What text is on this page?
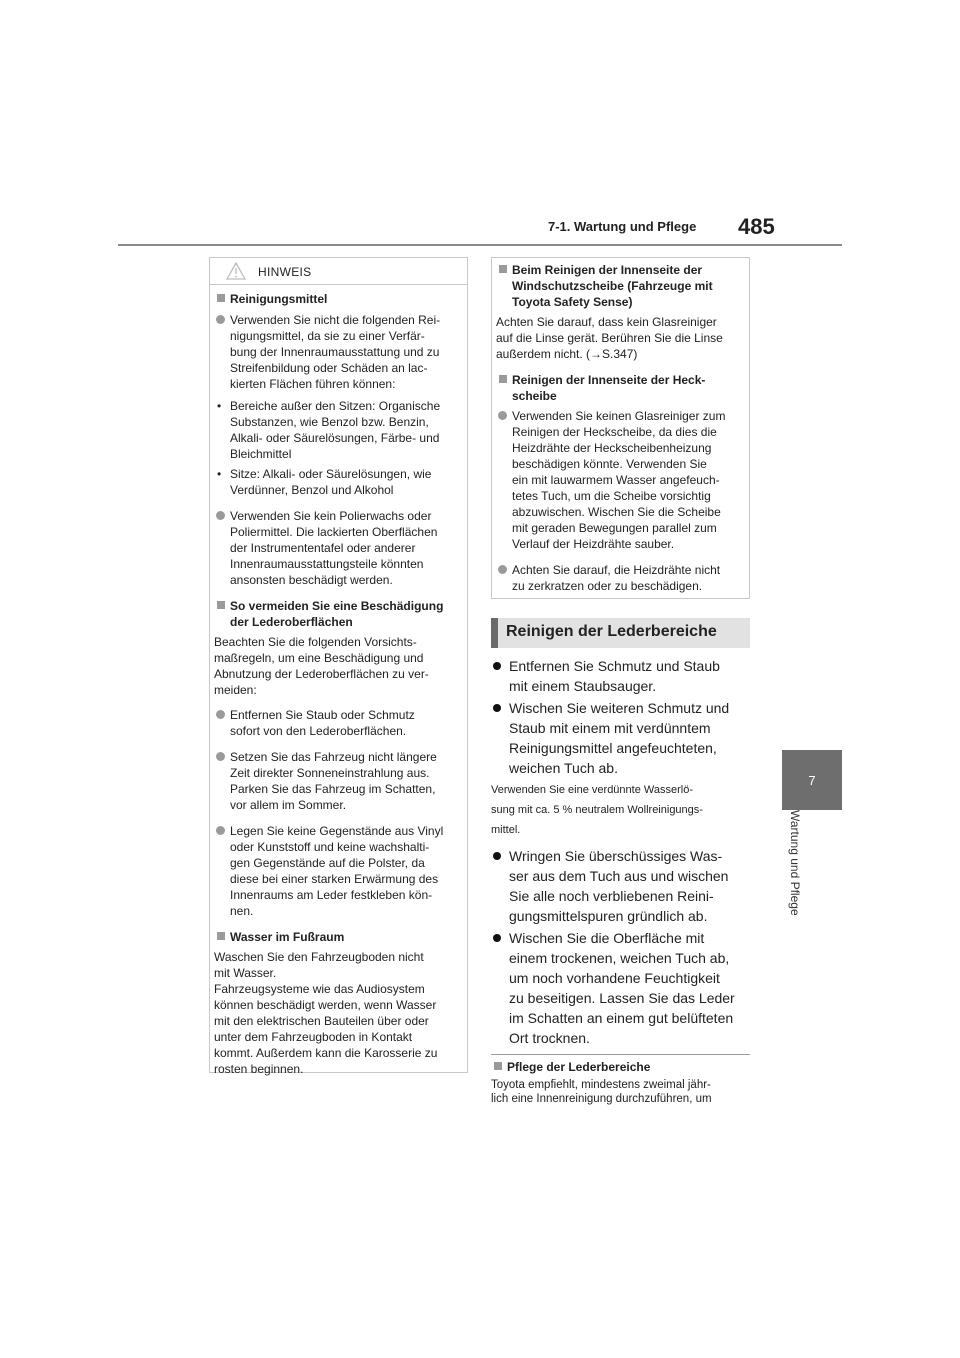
7-1. Wartung und Pflege 485
7
Wartung und Pflege
HINWEIS

Reinigungsmittel

Verwenden Sie nicht die folgenden Rei-
nigungsmittel, da sie zu einer Verfär-
bung der Innenraumausstattung und zu
Streifenbildung oder Schäden an lac-
kierten Flächen führen können:

• Bereiche außer den Sitzen: Organische
Substanzen, wie Benzol bzw. Benzin,
Alkali- oder Säurelösungen, Färbe- und
Bleichmittel

• Sitze: Alkali- oder Säurelösungen, wie
Verdünner, Benzol und Alkohol

Verwenden Sie kein Polierwachs oder
Poliermittel. Die lackierten Oberflächen
der Instrumententafel oder anderer
Innenraumausstattungsteile könnten
ansonsten beschädigt werden.

So vermeiden Sie eine Beschädigung
der Lederoberflächen

Beachten Sie die folgenden Vorsichts-
maßregeln, um eine Beschädigung und
Abnutzung der Lederoberflächen zu ver-
meiden:

Entfernen Sie Staub oder Schmutz
sofort von den Lederoberflächen.

Setzen Sie das Fahrzeug nicht längere
Zeit direkter Sonneneinstrahlung aus.
Parken Sie das Fahrzeug im Schatten,
vor allem im Sommer.

Legen Sie keine Gegenstände aus Vinyl
oder Kunststoff und keine wachshalti-
gen Gegenstände auf die Polster, da
diese bei einer starken Erwärmung des
Innenraums am Leder festkleben kön-
nen.

Wasser im Fußraum

Waschen Sie den Fahrzeugboden nicht
mit Wasser.
Fahrzeugsysteme wie das Audiosystem
können beschädigt werden, wenn Wasser
mit den elektrischen Bauteilen über oder
unter dem Fahrzeugboden in Kontakt
kommt. Außerdem kann die Karosserie zu
rosten beginnen.

Beim Reinigen der Innenseite der
Windschutzscheibe (Fahrzeuge mit
Toyota Safety Sense)

Achten Sie darauf, dass kein Glasreiniger
auf die Linse gerät. Berühren Sie die Linse
außerdem nicht. (→S.347)

Reinigen der Innenseite der Heck-
scheibe

Verwenden Sie keinen Glasreiniger zum
Reinigen der Heckscheibe, da dies die
Heizdrähte der Heckscheibenheizung
beschädigen könnte. Verwenden Sie
ein mit lauwarmem Wasser angefeuch-
tetes Tuch, um die Scheibe vorsichtig
abzuwischen. Wischen Sie die Scheibe
mit geraden Bewegungen parallel zum
Verlauf der Heizdrähte sauber.

Achten Sie darauf, die Heizdrähte nicht
zu zerkratzen oder zu beschädigen.

Reinigen der Lederbereiche

Entfernen Sie Schmutz und Staub
mit einem Staubsauger.

Wischen Sie weiteren Schmutz und
Staub mit einem mit verdünntem
Reinigungsmittel angefeuchteten,
weichen Tuch ab.

Verwenden Sie eine verdünnte Wasserlö-
sung mit ca. 5 % neutralem Wollreinigungs-
mittel.

Wringen Sie überschüssiges Was-
ser aus dem Tuch aus und wischen
Sie alle noch verbliebenen Reini-
gungsmittelspuren gründlich ab.

Wischen Sie die Oberfläche mit
einem trockenen, weichen Tuch ab,
um noch vorhandene Feuchtigkeit
zu beseitigen. Lassen Sie das Leder
im Schatten an einem gut belüfteten
Ort trocknen.

Pflege der Lederbereiche

Toyota empfiehlt, mindestens zweimal jähr-
lich eine Innenreinigung durchzuführen, um
